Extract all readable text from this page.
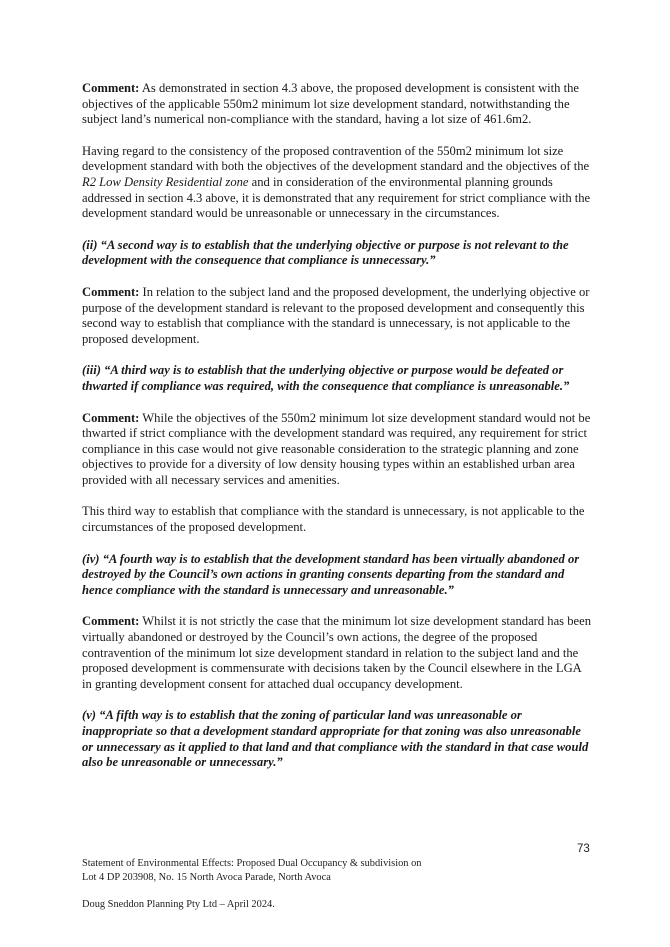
Comment: As demonstrated in section 4.3 above, the proposed development is consistent with the objectives of the applicable 550m2 minimum lot size development standard, notwithstanding the subject land’s numerical non-compliance with the standard, having a lot size of 461.6m2.

Having regard to the consistency of the proposed contravention of the 550m2 minimum lot size development standard with both the objectives of the development standard and the objectives of the R2 Low Density Residential zone and in consideration of the environmental planning grounds addressed in section 4.3 above, it is demonstrated that any requirement for strict compliance with the development standard would be unreasonable or unnecessary in the circumstances.

(ii) “A second way is to establish that the underlying objective or purpose is not relevant to the development with the consequence that compliance is unnecessary.”

Comment: In relation to the subject land and the proposed development, the underlying objective or purpose of the development standard is relevant to the proposed development and consequently this second way to establish that compliance with the standard is unnecessary, is not applicable to the proposed development.

(iii) “A third way is to establish that the underlying objective or purpose would be defeated or thwarted if compliance was required, with the consequence that compliance is unreasonable.”

Comment: While the objectives of the 550m2 minimum lot size development standard would not be thwarted if strict compliance with the development standard was required, any requirement for strict compliance in this case would not give reasonable consideration to the strategic planning and zone objectives to provide for a diversity of low density housing types within an established urban area provided with all necessary services and amenities.

This third way to establish that compliance with the standard is unnecessary, is not applicable to the circumstances of the proposed development.

(iv) “A fourth way is to establish that the development standard has been virtually abandoned or destroyed by the Council’s own actions in granting consents departing from the standard and hence compliance with the standard is unnecessary and unreasonable.”

Comment: Whilst it is not strictly the case that the minimum lot size development standard has been virtually abandoned or destroyed by the Council’s own actions, the degree of the proposed contravention of the minimum lot size development standard in relation to the subject land and the proposed development is commensurate with decisions taken by the Council elsewhere in the LGA in granting development consent for attached dual occupancy development.

(v) “A fifth way is to establish that the zoning of particular land was unreasonable or inappropriate so that a development standard appropriate for that zoning was also unreasonable or unnecessary as it applied to that land and that compliance with the standard in that case would also be unreasonable or unnecessary.”

73
Statement of Environmental Effects: Proposed Dual Occupancy & subdivision on
Lot 4 DP 203908, No. 15 North Avoca Parade, North Avoca
Doug Sneddon Planning Pty Ltd – April 2024.
